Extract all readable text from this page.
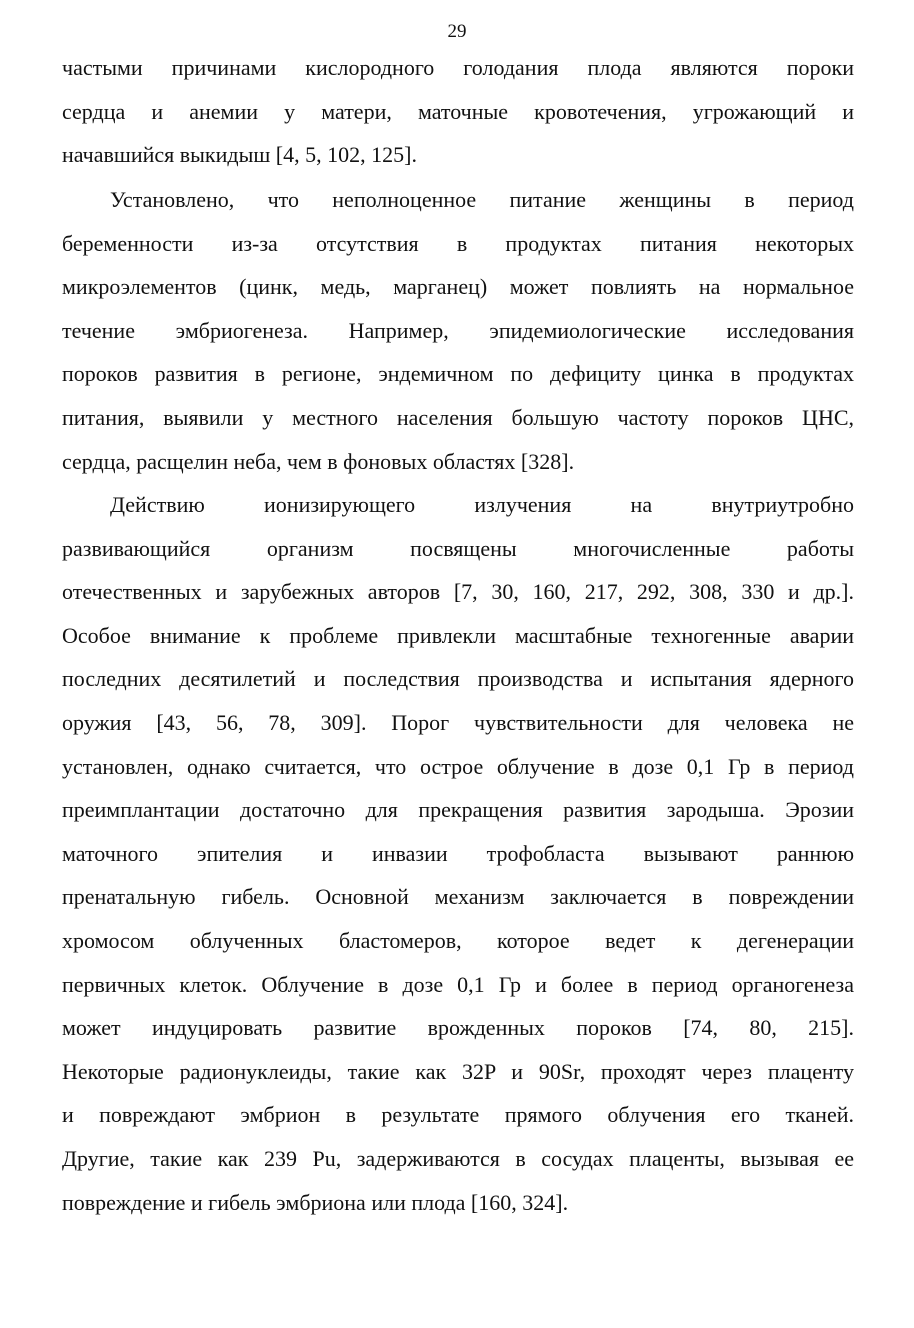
29
частыми причинами кислородного голодания плода являются пороки
сердца и анемии у матери, маточные кровотечения, угрожающий и
начавшийся выкидыш [4, 5, 102, 125].
Установлено, что неполноценное питание женщины в период
беременности из-за отсутствия в продуктах питания некоторых
микроэлементов (цинк, медь, марганец) может повлиять на нормальное
течение эмбриогенеза. Например, эпидемиологические исследования
пороков развития в регионе, эндемичном по дефициту цинка в продуктах
питания, выявили у местного населения большую частоту пороков ЦНС,
сердца, расщелин неба, чем в фоновых областях [328].
Действию ионизирующего излучения на внутриутробно
развивающийся организм посвящены многочисленные работы
отечественных и зарубежных авторов [7, 30, 160, 217, 292, 308, 330 и др.].
Особое внимание к проблеме привлекли масштабные техногенные аварии
последних десятилетий и последствия производства и испытания ядерного
оружия [43, 56, 78, 309]. Порог чувствительности для человека не
установлен, однако считается, что острое облучение в дозе 0,1 Гр в период
преимплантации достаточно для прекращения развития зародыша. Эрозии
маточного эпителия и инвазии трофобласта вызывают раннюю
пренатальную гибель. Основной механизм заключается в повреждении
хромосом облученных бластомеров, которое ведет к дегенерации
первичных клеток. Облучение в дозе 0,1 Гр и более в период органогенеза
может индуцировать развитие врожденных пороков [74, 80, 215].
Некоторые радионуклеиды, такие как 32P и 90Sr, проходят через плаценту
и повреждают эмбрион в результате прямого облучения его тканей.
Другие, такие как 239 Pu, задерживаются в сосудах плаценты, вызывая ее
повреждение и гибель эмбриона или плода [160, 324].
